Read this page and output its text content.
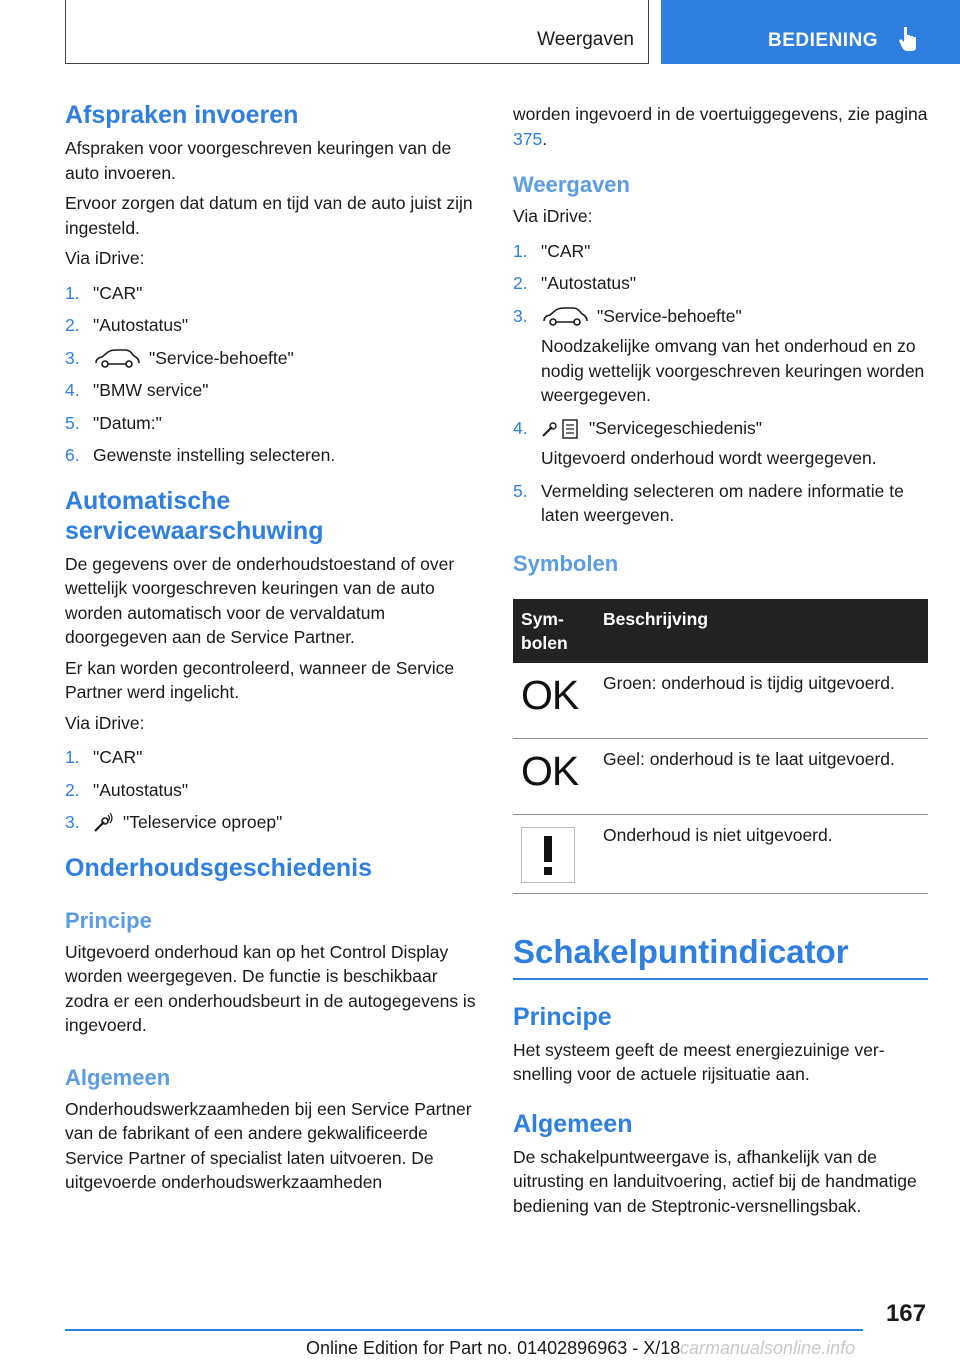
Weergaven	BEDIENING
Afspraken invoeren

Afspraken voor voorgeschreven keuringen van de auto invoeren.

Ervoor zorgen dat datum en tijd van de auto juist zijn ingesteld.

Via iDrive:

1. "CAR"
2. "Autostatus"
3.	"Service-behoefte"
4. "BMW service"
5. "Datum:"
6. Gewenste instelling selecteren.
Automatische servicewaarschuwing

De gegevens over de onderhoudstoestand of over wettelijk voorgeschreven keuringen van de auto worden automatisch voor de vervaldatum doorgegeven aan de Service Partner.

Er kan worden gecontroleerd, wanneer de Service Partner werd ingelicht.

Via iDrive:

1. "CAR"
2. "Autostatus"
3. "Teleservice oproep"
Onderhoudsgeschiedenis
Principe

Uitgevoerd onderhoud kan op het Control Display worden weergegeven. De functie is beschikbaar zodra er een onderhoudsbeurt in de autogegevens is ingevoerd.

Algemeen

Onderhoudswerkzaamheden bij een Service Partner van de fabrikant of een andere gekwalificeerde Service Partner of specialist laten uitvoeren. De uitgevoerde onderhoudswerkzaamheden

worden ingevoerd in de voertuiggegevens, zie pagina 375.

Weergaven

Via iDrive:

1. "CAR"
2. "Autostatus"
3.	"Service-behoefte"
Noodzakelijke omvang van het onderhoud en zo nodig wettelijk voorgeschreven keuringen worden weergegeven.
4.	"Servicegeschiedenis"
Uitgevoerd onderhoud wordt weergegeven.
5. Vermelding selecteren om nadere informatie te laten weergeven.
Symbolen
Symbolen	Beschrijving
OK	Groen: onderhoud is tijdig uitgevoerd.
OK	Geel: onderhoud is te laat uitgevoerd.

	Onderhoud is niet uitgevoerd.
Schakelpuntindicator
Principe

Het systeem geeft de meest energiezuinige versnelling voor de actuele rijsituatie aan.

Algemeen

De schakelpuntweergave is, afhankelijk van de uitrusting en landuitvoering, actief bij de handmatige bediening van de Steptronic-versnellingsbak.

167
Online Edition for Part no. 01402896963 - X/18 carmanualsonline.info
